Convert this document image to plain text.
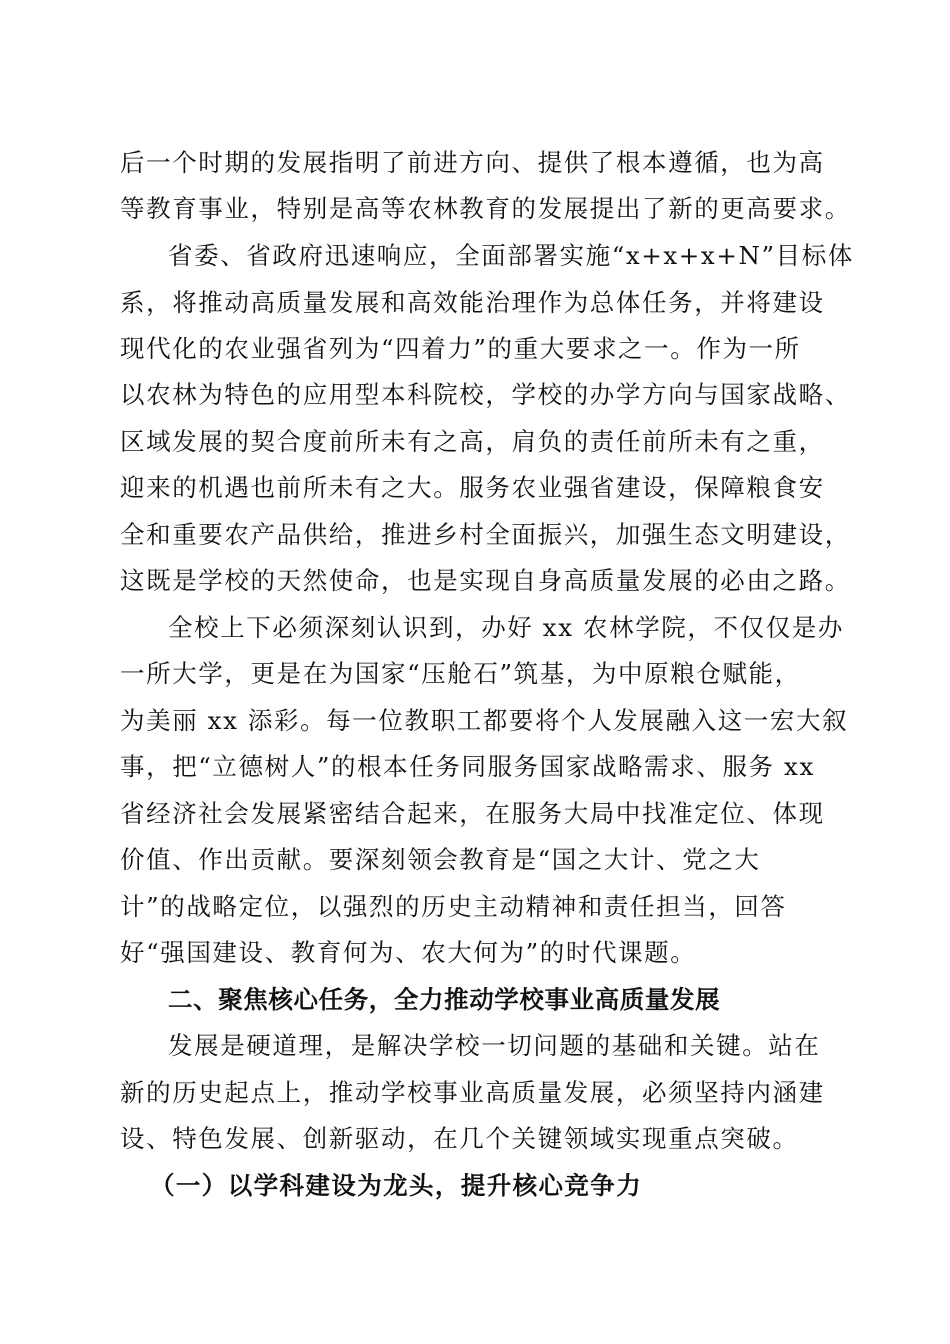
后一个时期的发展指明了前进方向、提供了根本遵循，也为高
等教育事业，特别是高等农林教育的发展提出了新的更高要求。
省委、省政府迅速响应，全面部署实施“x+x+x+N”目标体
系，将推动高质量发展和高效能治理作为总体任务，并将建设
现代化的农业强省列为“四着力”的重大要求之一。作为一所
以农林为特色的应用型本科院校，学校的办学方向与国家战略、
区域发展的契合度前所未有之高，肩负的责任前所未有之重，
迎来的机遇也前所未有之大。服务农业强省建设，保障粮食安
全和重要农产品供给，推进乡村全面振兴，加强生态文明建设，
这既是学校的天然使命，也是实现自身高质量发展的必由之路。
全校上下必须深刻认识到，办好 xx 农林学院，不仅仅是办
一所大学，更是在为国家“压舱石”筑基，为中原粮仓赋能，
为美丽 xx 添彩。每一位教职工都要将个人发展融入这一宏大叙
事，把“立德树人”的根本任务同服务国家战略需求、服务 xx
省经济社会发展紧密结合起来，在服务大局中找准定位、体现
价值、作出贡献。要深刻领会教育是“国之大计、党之大
计”的战略定位，以强烈的历史主动精神和责任担当，回答
好“强国建设、教育何为、农大何为”的时代课题。
二、聚焦核心任务，全力推动学校事业高质量发展
发展是硬道理，是解决学校一切问题的基础和关键。站在
新的历史起点上，推动学校事业高质量发展，必须坚持内涵建
设、特色发展、创新驱动，在几个关键领域实现重点突破。
（一）以学科建设为龙头，提升核心竞争力
